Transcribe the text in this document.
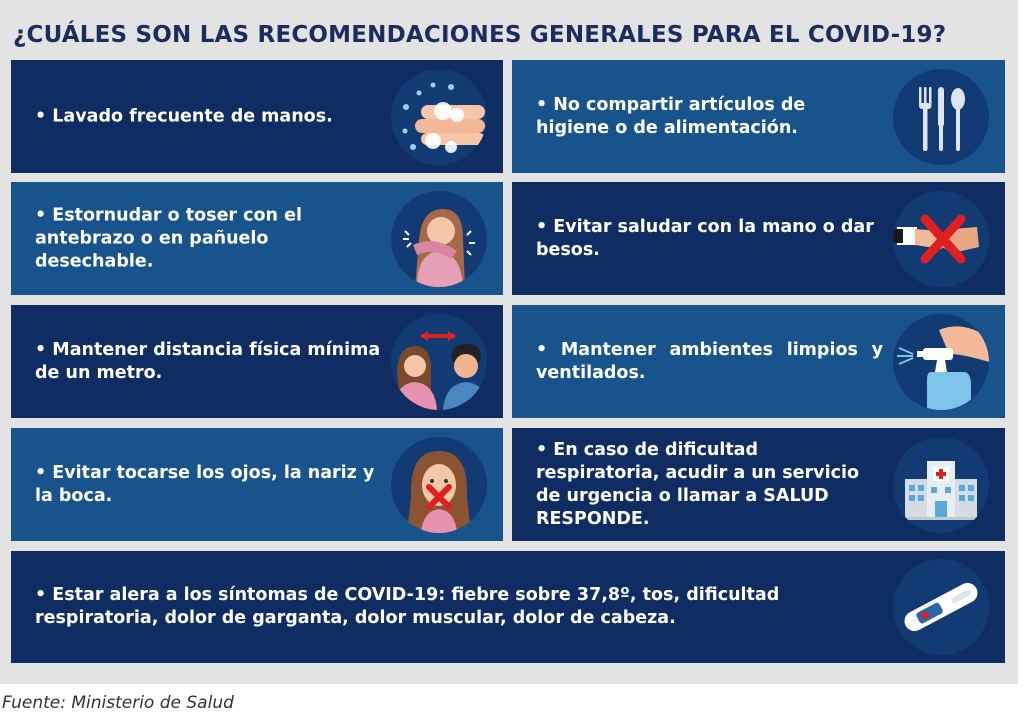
¿CUÁLES SON LAS RECOMENDACIONES GENERALES PARA EL COVID-19?
• Lavado frecuente de manos.
• No compartir artículos de higiene o de alimentación.
• Estornudar o toser con el antebrazo o en pañuelo desechable.
• Evitar saludar con la mano o dar besos.
• Mantener distancia física mínima de un metro.
• Mantener ambientes limpios y ventilados.
• Evitar tocarse los ojos, la nariz y la boca.
• En caso de dificultad respiratoria, acudir a un servicio de urgencia o llamar a SALUD RESPONDE.
• Estar alera a los síntomas de COVID-19: fiebre sobre 37,8º, tos, dificultad respiratoria, dolor de garganta, dolor muscular, dolor de cabeza.
Fuente: Ministerio de Salud
